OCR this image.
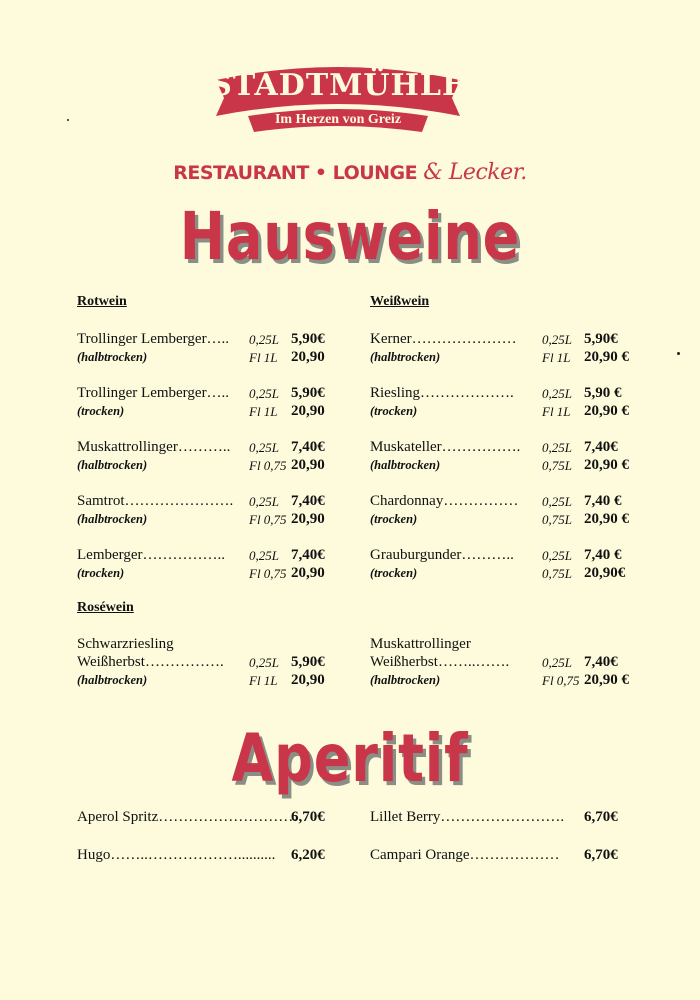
STADTMÜHLE
Im Herzen von Greiz
RESTAURANT • LOUNGE & Lecker.
Hausweine
Rotwein
Trollinger Lemberger…..
(halbtrocken)
0,25L 5,90€
Fl 1L 20,90
Trollinger Lemberger…..
(trocken)
0,25L 5,90€
Fl 1L 20,90
Muskattrollinger………..
(halbtrocken)
0,25L 7,40€
Fl 0,75 20,90
Samtrot………………….
(halbtrocken)
0,25L 7,40€
Fl 0,75 20,90
Lemberger……………..
(trocken)
0,25L 7,40€
Fl 0,75 20,90
Weißwein
Kerner…………………
(halbtrocken)
0,25L 5,90€
Fl 1L 20,90 €
Riesling……………….
(trocken)
0,25L 5,90 €
Fl 1L 20,90 €
Muskateller…………….
(halbtrocken)
0,25L 7,40€
0,75L 20,90 €
Chardonnay……………
(trocken)
0,25L 7,40 €
0,75L 20,90 €
Grauburgunder………..
(trocken)
0,25L 7,40 €
0,75L 20,90€
Roséwein
Schwarzriesling
Weißherbst…………….
(halbtrocken)
0,25L 5,90€
Fl 1L 20,90
Muskattrollinger
Weißherbst……..…….
(halbtrocken)
0,25L 7,40€
Fl 0,75 20,90 €
Aperitif
Aperol Spritz……………………….
6,70€	Lillet Berry……………………. 6,70€
Hugo……..……………….......... 6,20€	Campari Orange……………… 6,70€
